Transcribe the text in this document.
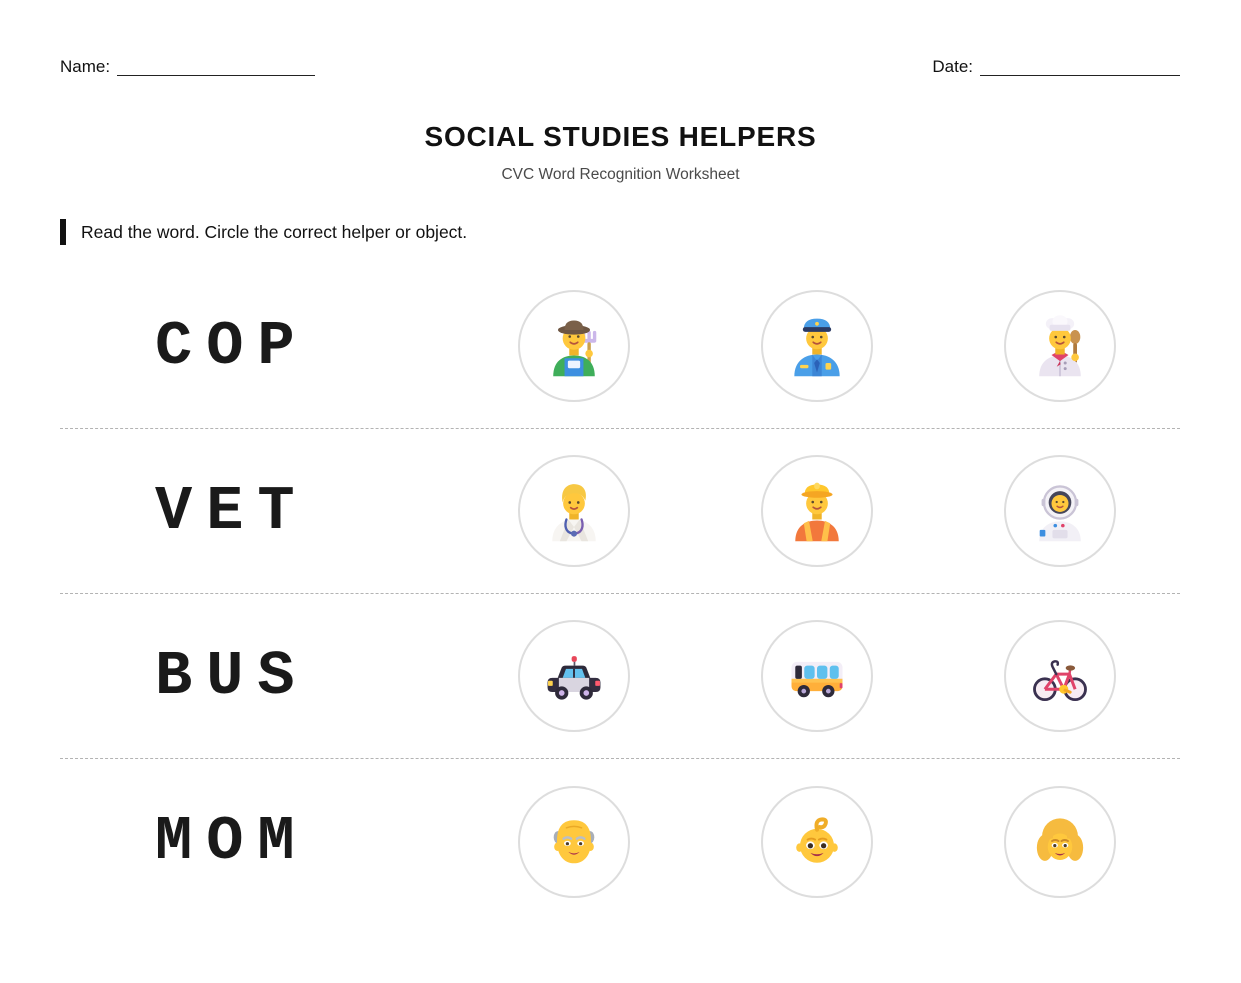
Name:	Date:
SOCIAL STUDIES HELPERS
CVC Word Recognition Worksheet
Read the word. Circle the correct helper or object.
COP
VET
BUS
MOM
